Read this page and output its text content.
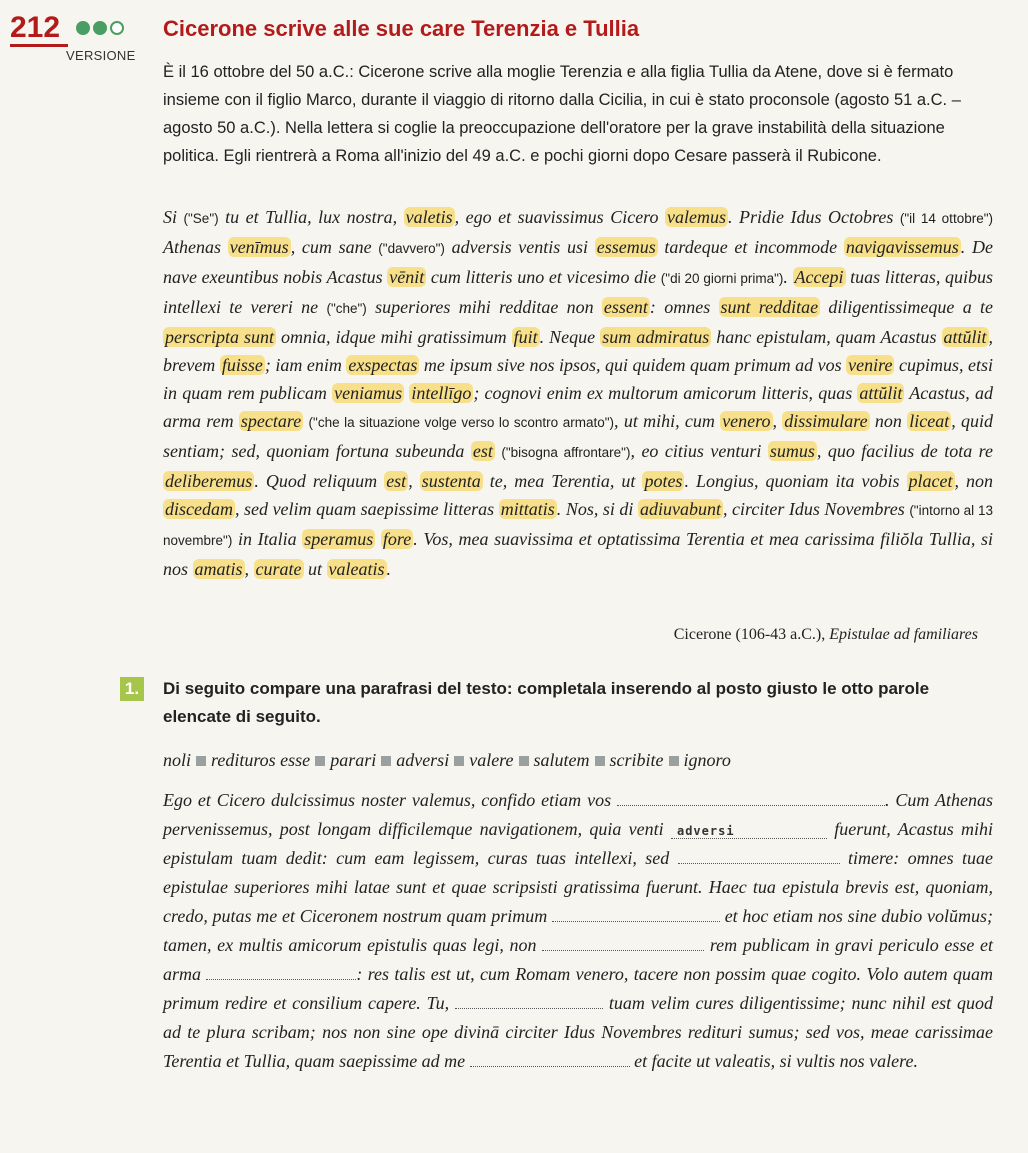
212	Cicerone scrive alle sue care Terenzia e Tullia
VERSIONE
È il 16 ottobre del 50 a.C.: Cicerone scrive alla moglie Terenzia e alla figlia Tullia da Atene, dove si è fermato insieme con il figlio Marco, durante il viaggio di ritorno dalla Cicilia, in cui è stato proconsole (agosto 51 a.C. – agosto 50 a.C.). Nella lettera si coglie la preoccupazione dell'oratore per la grave instabilità della situazione politica. Egli rientrerà a Roma all'inizio del 49 a.C. e pochi giorni dopo Cesare passerà il Rubicone.
Si ("Se") tu et Tullia, lux nostra, valetis , ego et suavissimus Cicero valemus . Pridie Idus Octobres ("il 14 ottobre") Athenas venīmus , cum sane ("davvero") adversis ventis usi essemus tardeque et incommode navigavissemus . De nave exeuntibus nobis Acastus vēnit cum litteris uno et vicesimo die ("di 20 giorni prima"). Accepi tuas litteras, quibus intellexi te vereri ne ("che") superiores mihi redditae non essent : omnes sunt redditae diligentissimeque a te perscripta sunt omnia, idque mihi gratissimum fuit . Neque sum admiratus hanc epistulam, quam Acastus attŭlit , brevem fuisse ; iam enim exspectas me ipsum sive nos ipsos, qui quidem quam primum ad vos venire cupimus, etsi in quam rem publicam veniamus intellīgo ; cognovi enim ex multorum amicorum litteris, quas attŭlit Acastus, ad arma rem spectare ("che la situazione volge verso lo scontro armato"), ut mihi, cum venero , dissimulare non liceat , quid sentiam; sed, quoniam fortuna subeunda est ("bisogna affrontare"), eo citius venturi sumus , quo facilius de tota re deliberemus . Quod reliquum est , sustenta te, mea Terentia, ut potes . Longius, quoniam ita vobis placet , non discedam , sed velim quam saepissime litteras mittatis . Nos, si di adiuvabunt , circiter Idus Novembres ("intorno al 13 novembre") in Italia speramus fore . Vos, mea suavissima et optatissima Terentia et mea carissima filiŏla Tullia, si nos amatis , curate ut valeatis .
Cicerone (106-43 a.C.), Epistulae ad familiares
1. Di seguito compare una parafrasi del testo: completala inserendo al posto giusto le otto parole elencate di seguito.
noli redituros esse parari adversi valere salutem scribite ignoro
Ego et Cicero dulcissimus noster valemus, confido etiam vos	. Cum Athenas pervenissemus, post longam difficilemque navigationem, quia venti adversi	fuerunt, Acastus mihi epistulam tuam dedit: cum eam legissem, curas tuas intellexi, sed	timere: omnes tuae epistulae superiores mihi latae sunt et quae scripsisti gratissima fuerunt. Haec tua epistula brevis est, quoniam, credo, putas me et Ciceronem nostrum quam primum	et hoc etiam nos sine dubio volŭmus; tamen, ex multis amicorum epistulis quas legi, non	rem publicam in gravi periculo esse et arma	: res talis est ut, cum Romam venero, tacere non possim quae cogito. Volo autem quam primum redire et consilium capere. Tu,	tuam velim cures diligentissime; nunc nihil est quod ad te plura scribam; nos non sine ope divinā circiter Idus Novembres redituri sumus; sed vos, meae carissimae Terentia et Tullia, quam saepissime ad me	et facite ut valeatis, si vultis nos valere.
